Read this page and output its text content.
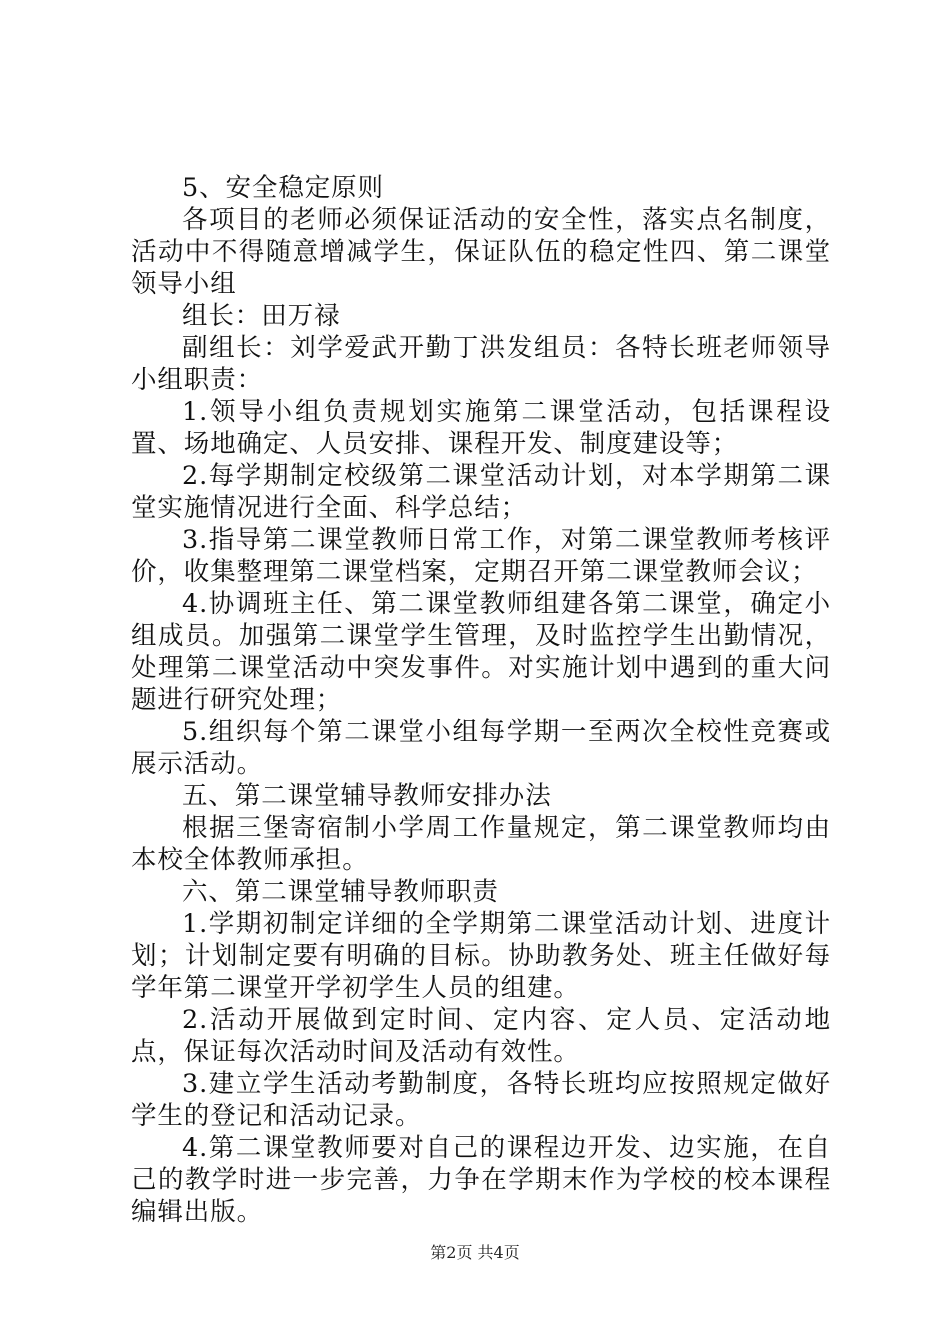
5、安全稳定原则

各项目的老师必须保证活动的安全性，落实点名制度，活动中不得随意增减学生，保证队伍的稳定性四、第二课堂领导小组

组长：田万禄

副组长：刘学爱武开勤丁洪发组员：各特长班老师领导小组职责：

1.领导小组负责规划实施第二课堂活动，包括课程设置、场地确定、人员安排、课程开发、制度建设等；

2.每学期制定校级第二课堂活动计划，对本学期第二课堂实施情况进行全面、科学总结；

3.指导第二课堂教师日常工作，对第二课堂教师考核评价，收集整理第二课堂档案，定期召开第二课堂教师会议；

4.协调班主任、第二课堂教师组建各第二课堂，确定小组成员。加强第二课堂学生管理，及时监控学生出勤情况，处理第二课堂活动中突发事件。对实施计划中遇到的重大问题进行研究处理；

5.组织每个第二课堂小组每学期一至两次全校性竞赛或展示活动。

五、第二课堂辅导教师安排办法

根据三堡寄宿制小学周工作量规定，第二课堂教师均由本校全体教师承担。

六、第二课堂辅导教师职责

1.学期初制定详细的全学期第二课堂活动计划、进度计划；计划制定要有明确的目标。协助教务处、班主任做好每学年第二课堂开学初学生人员的组建。

2.活动开展做到定时间、定内容、定人员、定活动地点，保证每次活动时间及活动有效性。

3.建立学生活动考勤制度，各特长班均应按照规定做好学生的登记和活动记录。

4.第二课堂教师要对自己的课程边开发、边实施，在自己的教学时进一步完善，力争在学期末作为学校的校本课程编辑出版。

第2页 共4页
